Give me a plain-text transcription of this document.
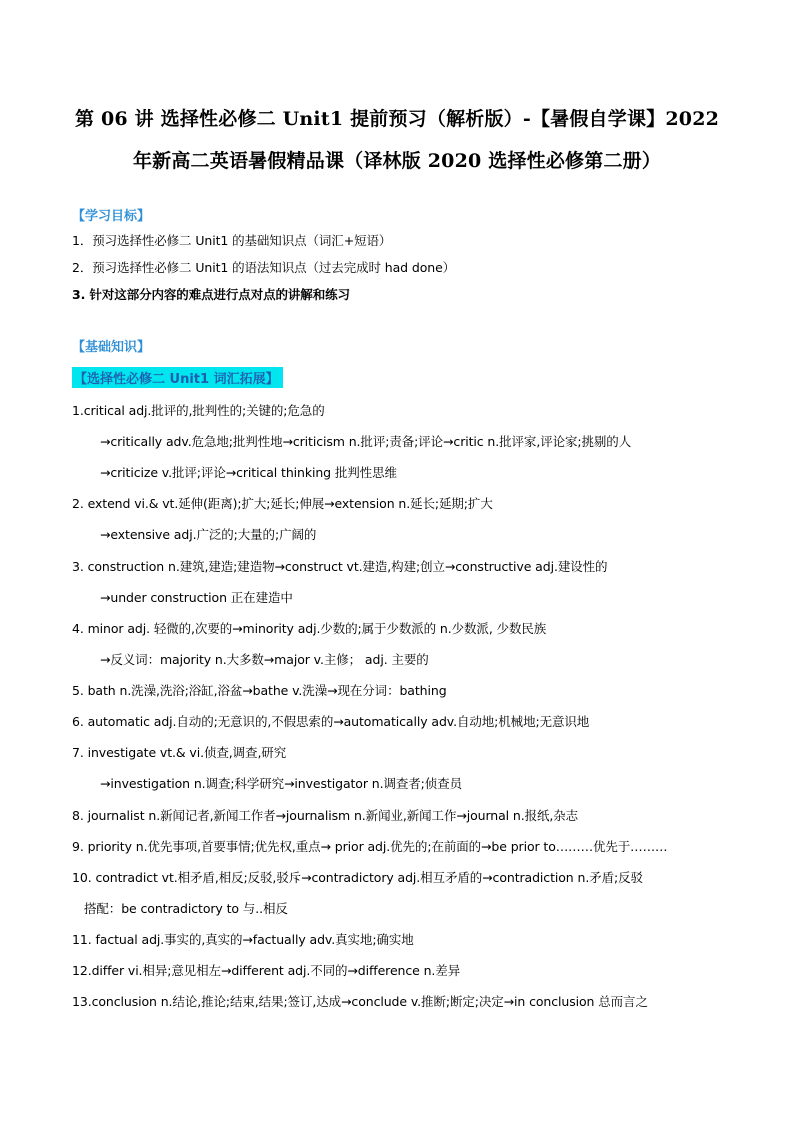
第 06 讲 选择性必修二 Unit1 提前预习（解析版）-【暑假自学课】2022
年新高二英语暑假精品课（译林版 2020 选择性必修第二册）
【学习目标】
1．预习选择性必修二 Unit1 的基础知识点（词汇+短语）
2．预习选择性必修二 Unit1 的语法知识点（过去完成时 had done）
3. 针对这部分内容的难点进行点对点的讲解和练习
【基础知识】
【选择性必修二 Unit1 词汇拓展】
1.critical adj.批评的,批判性的;关键的;危急的
→critically adv.危急地;批判性地→criticism n.批评;责备;评论→critic n.批评家,评论家;挑剔的人
→criticize v.批评;评论→critical thinking 批判性思维
2. extend vi.& vt.延伸(距离);扩大;延长;伸展→extension n.延长;延期;扩大
→extensive adj.广泛的;大量的;广阔的
3. construction n.建筑,建造;建造物→construct vt.建造,构建;创立→constructive adj.建设性的
→under construction 正在建造中
4. minor adj. 轻微的,次要的→minority adj.少数的;属于少数派的 n.少数派, 少数民族
→反义词：majority n.大多数→major v.主修； adj. 主要的
5. bath n.洗澡,洗浴;浴缸,浴盆→bathe v.洗澡→现在分词：bathing
6. automatic adj.自动的;无意识的,不假思索的→automatically adv.自动地;机械地;无意识地
7. investigate vt.& vi.侦查,调查,研究
→investigation n.调查;科学研究→investigator n.调查者;侦查员
8. journalist n.新闻记者,新闻工作者→journalism n.新闻业,新闻工作→journal n.报纸,杂志
9. priority n.优先事项,首要事情;优先权,重点→ prior adj.优先的;在前面的→be prior to………优先于………
10. contradict vt.相矛盾,相反;反驳,驳斥→contradictory adj.相互矛盾的→contradiction n.矛盾;反驳
搭配：be contradictory to 与..相反
11. factual adj.事实的,真实的→factually adv.真实地;确实地
12.differ vi.相异;意见相左→different adj.不同的→difference n.差异
13.conclusion n.结论,推论;结束,结果;签订,达成→conclude v.推断;断定;决定→in conclusion 总而言之
